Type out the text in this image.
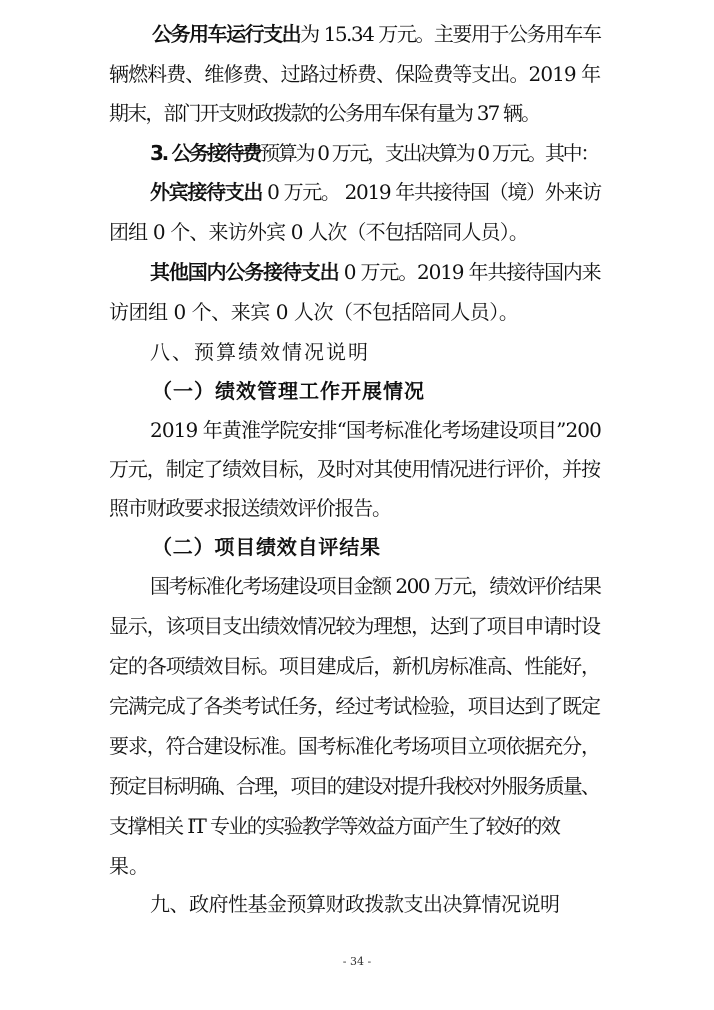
公务用车运行支出为 15.34 万元。主要用于公务用车车
辆燃料费、维修费、过路过桥费、保险费等支出。2019 年
期末，部门开支财政拨款的公务用车保有量为 37 辆。
3. 公务接待费预算为 0 万元，支出决算为 0 万元。其中：
外宾接待支出 0 万元。 2019 年共接待国（境）外来访
团组 0 个、来访外宾 0 人次（不包括陪同人员）。
其他国内公务接待支出 0 万元。2019 年共接待国内来
访团组 0 个、来宾 0 人次（不包括陪同人员）。
八、预算绩效情况说明
（一）绩效管理工作开展情况
2019 年黄淮学院安排“国考标准化考场建设项目”200
万元，制定了绩效目标，及时对其使用情况进行评价，并按
照市财政要求报送绩效评价报告。
（二）项目绩效自评结果
国考标准化考场建设项目金额 200 万元，绩效评价结果
显示，该项目支出绩效情况较为理想，达到了项目申请时设
定的各项绩效目标。项目建成后，新机房标准高、性能好，
完满完成了各类考试任务，经过考试检验，项目达到了既定
要求，符合建设标准。国考标准化考场项目立项依据充分，
预定目标明确、合理，项目的建设对提升我校对外服务质量、
支撑相关 IT 专业的实验教学等效益方面产生了较好的效
果。
九、政府性基金预算财政拨款支出决算情况说明
- 34 -
